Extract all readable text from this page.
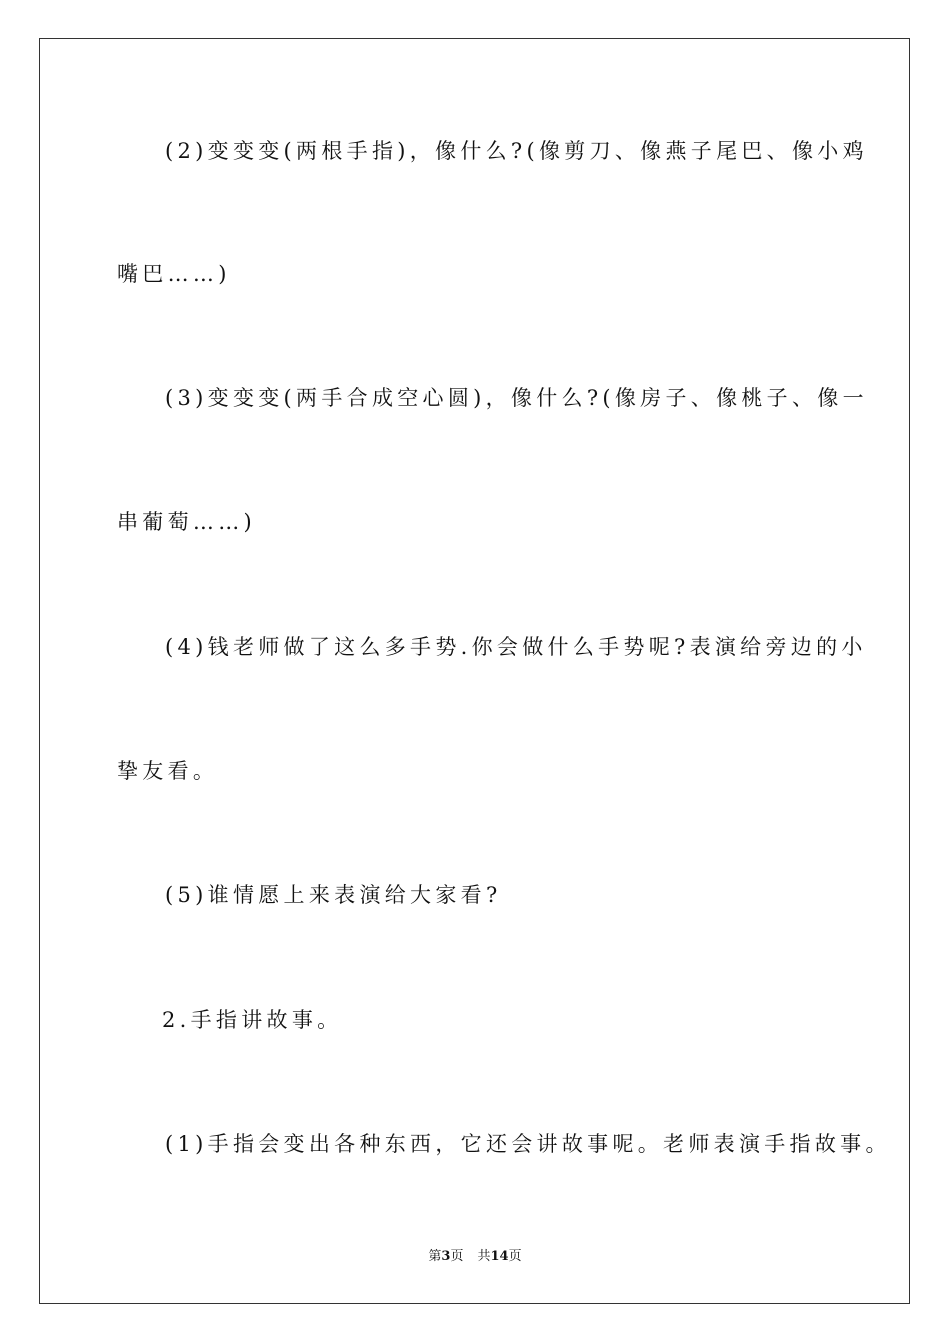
(2)变变变(两根手指)，像什么?(像剪刀、像燕子尾巴、像小鸡
嘴巴……)
(3)变变变(两手合成空心圆)，像什么?(像房子、像桃子、像一
串葡萄……)
(4)钱老师做了这么多手势.你会做什么手势呢?表演给旁边的小
挚友看。
(5)谁情愿上来表演给大家看?
2.手指讲故事。
(1)手指会变出各种东西，它还会讲故事呢。老师表演手指故事。
第3页 共14页
